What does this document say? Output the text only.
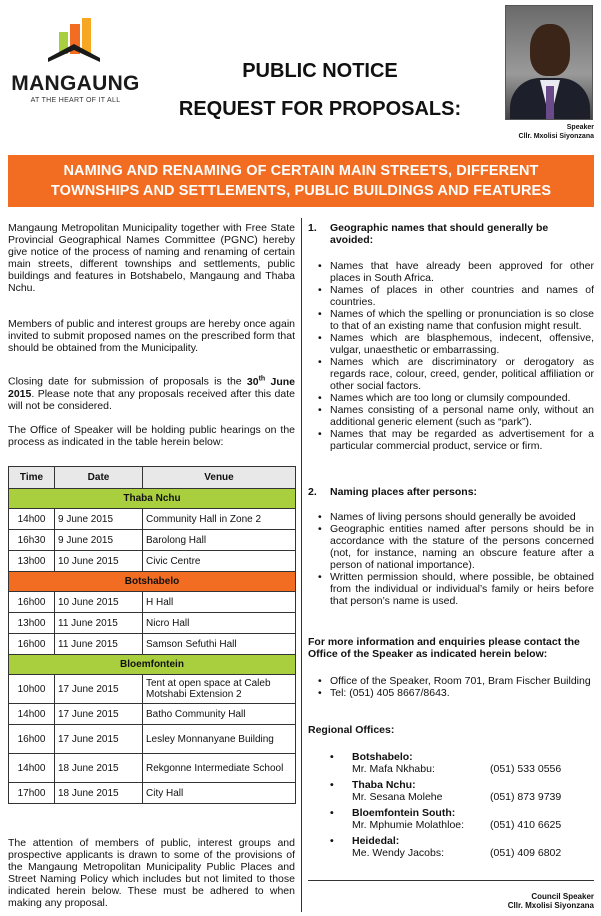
MANGAUNG
AT THE HEART OF IT ALL
PUBLIC NOTICE
REQUEST FOR PROPOSALS:
Speaker
Cllr. Mxolisi Siyonzana
NAMING AND RENAMING OF CERTAIN MAIN STREETS, DIFFERENT
TOWNSHIPS AND SETTLEMENTS, PUBLIC BUILDINGS AND FEATURES
Mangaung Metropolitan Municipality together with Free State Provincial Geographical Names Committee (PGNC) hereby give notice of the process of naming and renaming of certain main streets, different townships and settlements, public buildings and features in Botshabelo, Mangaung and Thaba Nchu.
Members of public and interest groups are hereby once again invited to submit proposed names on the prescribed form that should be obtained from the Municipality.
Closing date for submission of proposals is the 30th June 2015. Please note that any proposals received after this date will not be considered.
The Office of Speaker will be holding public hearings on the process as indicated in the table herein below:
Time	Date	Venue
Thaba Nchu		
14h00	9 June 2015	Community Hall in Zone 2
16h30	9 June 2015	Barolong Hall
13h00	10 June 2015	Civic Centre
Botshabelo		
16h00	10 June 2015	H Hall
13h00	11 June 2015	Nicro Hall
16h00	11 June 2015	Samson Sefuthi Hall
Bloemfontein		
10h00	17 June 2015	Tent at open space at Caleb Motshabi Extension 2
14h00	17 June 2015	Batho Community Hall
16h00	17 June 2015	Lesley Monnanyane Building
14h00	18 June 2015	Rekgonne Intermediate School
17h00	18 June 2015	City Hall
The attention of members of public, interest groups and prospective applicants is drawn to some of the provisions of the Mangaung Metropolitan Municipality Public Places and Street Naming Policy which includes but not limited to those indicated herein below. These must be adhered to when making any proposal.
1.	Geographic names that should generally be avoided:
• Names that have already been approved for other places in South Africa.
• Names of places in other countries and names of countries.
• Names of which the spelling or pronunciation is so close to that of an existing name that confusion might result.
• Names which are blasphemous, indecent, offensive, vulgar, unaesthetic or embarrassing.
• Names which are discriminatory or derogatory as regards race, colour, creed, gender, political affiliation or other social factors.
• Names which are too long or clumsily compounded.
• Names consisting of a personal name only, without an additional generic element (such as “park”).
• Names that may be regarded as advertisement for a particular commercial product, service or firm.
2.	Naming places after persons:
• Names of living persons should generally be avoided
• Geographic entities named after persons should be in accordance with the stature of the persons concerned (not, for instance, naming an obscure feature after a person of national importance).
• Written permission should, where possible, be obtained from the individual or individual’s family or heirs before that person’s name is used.
For more information and enquiries please contact the Office of the Speaker as indicated herein below:
• Office of the Speaker, Room 701, Bram Fischer Building
• Tel: (051) 405 8667/8643.
Regional Offices:
• Botshabelo:
Mr. Mafa Nkhabu:	(051) 533 0556
• Thaba Nchu:
Mr. Sesana Molehe	(051) 873 9739
• Bloemfontein South:
Mr. Mphumie Molathloe:	(051) 410 6625
• Heidedal:
Me. Wendy Jacobs:	(051) 409 6802
Council Speaker
Cllr. Mxolisi Siyonzana
